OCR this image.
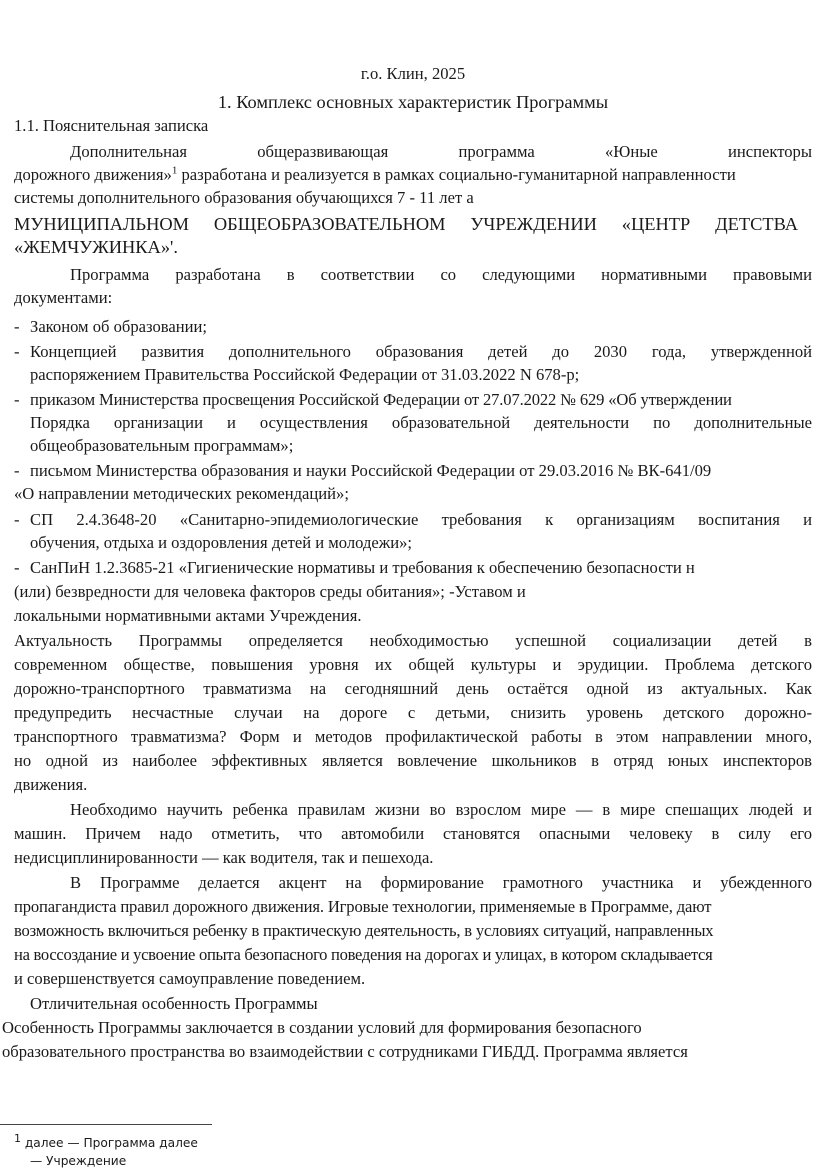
г.о. Клин, 2025
1. Комплекс основных характеристик Программы
1.1. Пояснительная записка
Дополнительная общеразвивающая программа «Юные инспекторы
дорожного движения»$^1$ разработана и реализуется в рамках социально-гуманитарной направленности
системы дополнительного образования обучающихся 7 - 11 лет а
МУНИЦИПАЛЬНОМ ОБЩЕОБРАЗОВАТЕЛЬНОМ УЧРЕЖДЕНИИ «ЦЕНТР ДЕТСТВА
«ЖЕМЧУЖИНКА»'.
Программа разработана в соответствии со следующими нормативными правовыми
документами:
- Законом об образовании;
- Концепцией развития дополнительного образования детей до 2030 года, утвержденной
распоряжением Правительства Российской Федерации от 31.03.2022 N 678-р;
- приказом Министерства просвещения Российской Федерации от 27.07.2022 № 629 «Об утверждении
Порядка организации и осуществления образовательной деятельности по дополнительные
общеобразовательным программам»;
- письмом Министерства образования и науки Российской Федерации от 29.03.2016 № ВК-641/09
«О направлении методических рекомендаций»;
- СП 2.4.3648-20 «Санитарно-эпидемиологические требования к организациям воспитания и
обучения, отдыха и оздоровления детей и молодежи»;
- СанПиН 1.2.3685-21 «Гигиенические нормативы и требования к обеспечению безопасности н
(или) безвредности для человека факторов среды обитания»; -Уставом и
локальными нормативными актами Учреждения.
Актуальность Программы определяется необходимостью успешной социализации детей в
современном обществе, повышения уровня их общей культуры и эрудиции. Проблема детского
дорожно-транспортного травматизма на сегодняшний день остаётся одной из актуальных. Как
предупредить несчастные случаи на дороге с детьми, снизить уровень детского дорожно-
транспортного травматизма? Форм и методов профилактической работы в этом направлении много,
но одной из наиболее эффективных является вовлечение школьников в отряд юных инспекторов
движения.
Необходимо научить ребенка правилам жизни во взрослом мире — в мире спешащих людей и
машин. Причем надо отметить, что автомобили становятся опасными человеку в силу его
недисциплинированности — как водителя, так и пешехода.
В Программе делается акцент на формирование грамотного участника и убежденного
пропагандиста правил дорожного движения. Игровые технологии, применяемые в Программе, дают
возможность включиться ребенку в практическую деятельность, в условиях ситуаций, направленных
на воссоздание и усвоение опыта безопасного поведения на дорогах и улицах, в котором складывается
и совершенствуется самоуправление поведением.
Отличительная особенность Программы
Особенность Программы заключается в создании условий для формирования безопасного
образовательного пространства во взаимодействии с сотрудниками ГИБДД. Программа является
1 далее — Программа далее
— Учреждение
